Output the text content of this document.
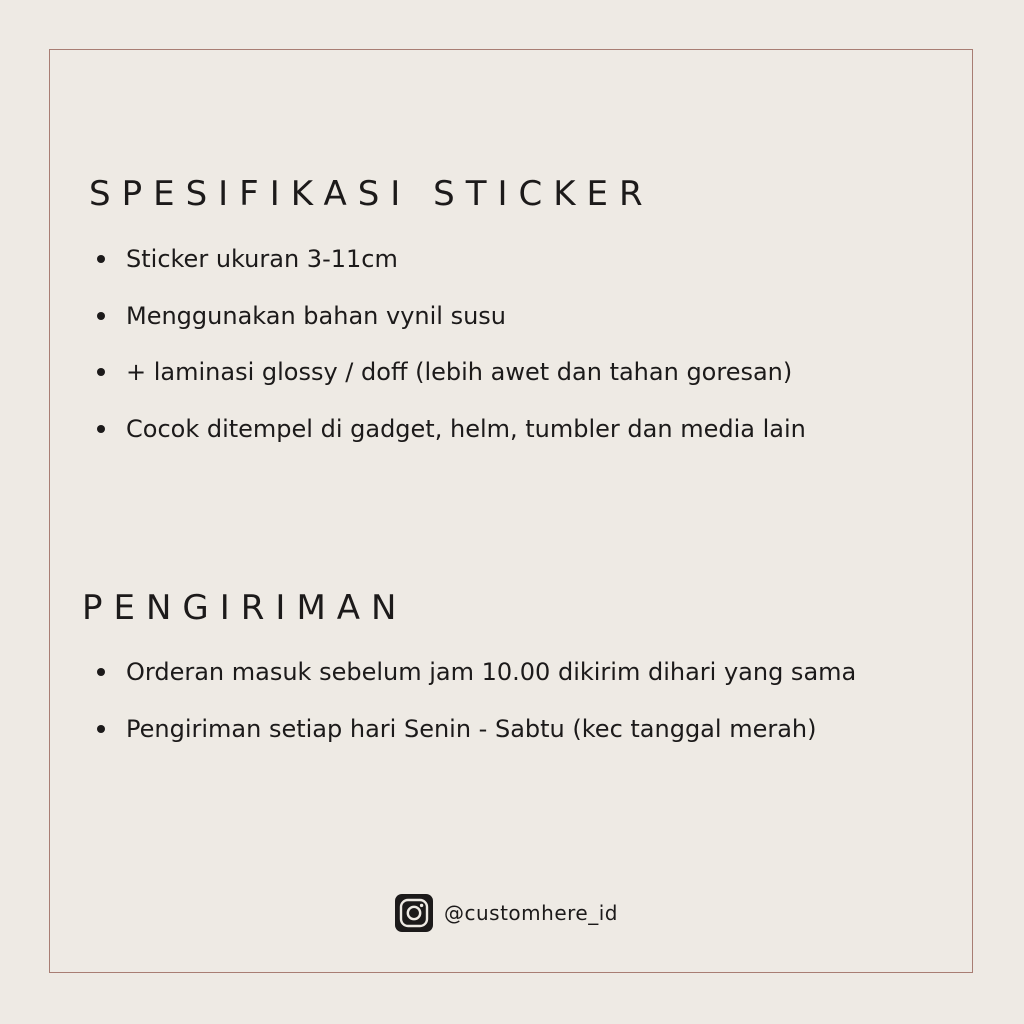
SPESIFIKASI STICKER
Sticker ukuran 3-11cm
Menggunakan bahan vynil susu
+ laminasi glossy / doff (lebih awet dan tahan goresan)
Cocok ditempel di gadget, helm, tumbler dan media lain
PENGIRIMAN
Orderan masuk sebelum jam 10.00 dikirim dihari yang sama
Pengiriman setiap hari Senin - Sabtu (kec tanggal merah)
@customhere_id
